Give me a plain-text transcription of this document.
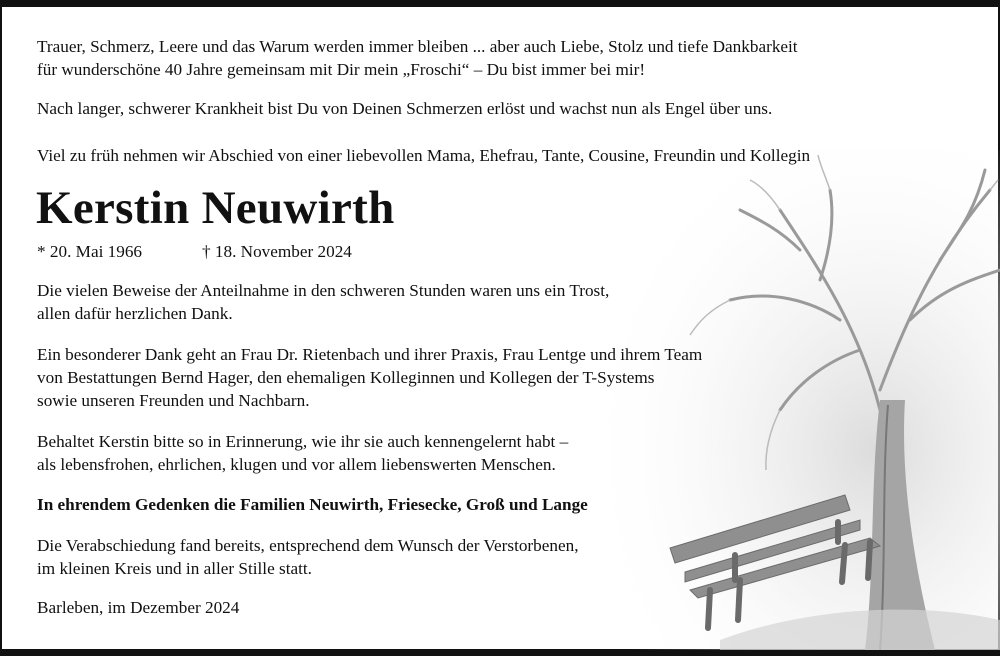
Trauer, Schmerz, Leere und das Warum werden immer bleiben ... aber auch Liebe, Stolz und tiefe Dankbarkeit
für wunderschöne 40 Jahre gemeinsam mit Dir mein „Froschi“ – Du bist immer bei mir!
Nach langer, schwerer Krankheit bist Du von Deinen Schmerzen erlöst und wachst nun als Engel über uns.
Viel zu früh nehmen wir Abschied von einer liebevollen Mama, Ehefrau, Tante, Cousine, Freundin und Kollegin
Kerstin Neuwirth
* 20. Mai 1966	† 18. November 2024
Die vielen Beweise der Anteilnahme in den schweren Stunden waren uns ein Trost,
allen dafür herzlichen Dank.
Ein besonderer Dank geht an Frau Dr. Rietenbach und ihrer Praxis, Frau Lentge und ihrem Team
von Bestattungen Bernd Hager, den ehemaligen Kolleginnen und Kollegen der T-Systems
sowie unseren Freunden und Nachbarn.
Behaltet Kerstin bitte so in Erinnerung, wie ihr sie auch kennengelernt habt –
als lebensfrohen, ehrlichen, klugen und vor allem liebenswerten Menschen.
In ehrendem Gedenken die Familien Neuwirth, Friesecke, Groß und Lange
Die Verabschiedung fand bereits, entsprechend dem Wunsch der Verstorbenen,
im kleinen Kreis und in aller Stille statt.
Barleben, im Dezember 2024
